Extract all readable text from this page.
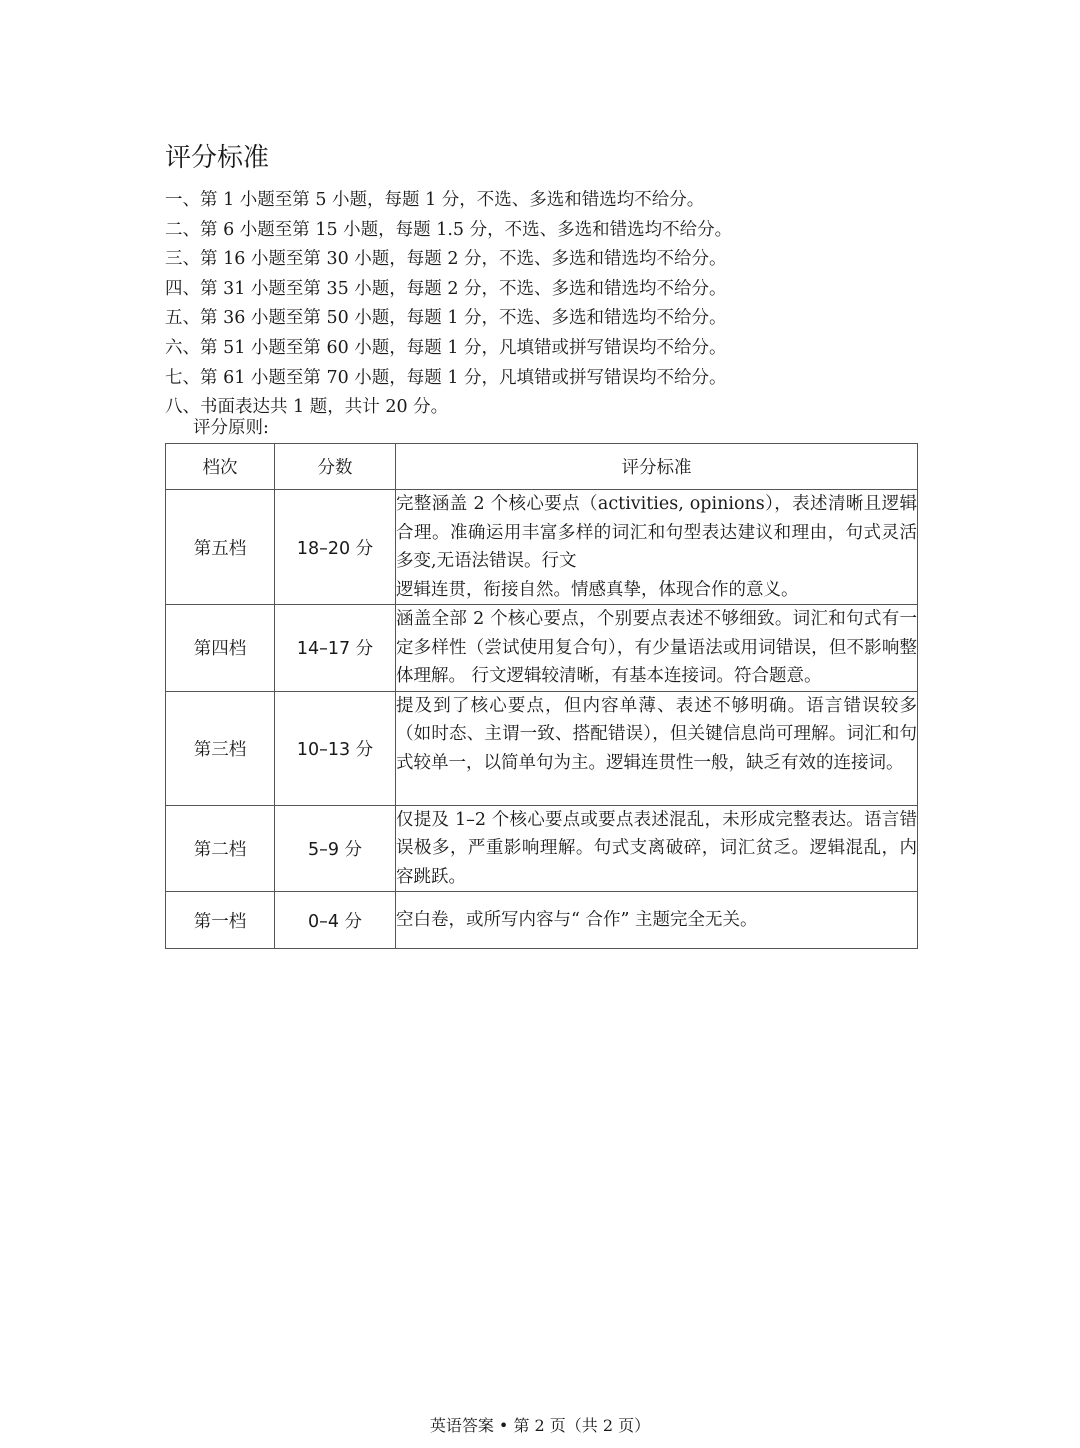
评分标准
一、第 1 小题至第 5 小题，每题 1 分，不选、多选和错选均不给分。
二、第 6 小题至第 15 小题，每题 1.5 分，不选、多选和错选均不给分。
三、第 16 小题至第 30 小题，每题 2 分，不选、多选和错选均不给分。
四、第 31 小题至第 35 小题，每题 2 分，不选、多选和错选均不给分。
五、第 36 小题至第 50 小题，每题 1 分，不选、多选和错选均不给分。
六、第 51 小题至第 60 小题，每题 1 分，凡填错或拼写错误均不给分。
七、第 61 小题至第 70 小题，每题 1 分，凡填错或拼写错误均不给分。
八、书面表达共 1 题，共计 20 分。
评分原则:
档次	分数	评分标准
第五档	18–20 分	完整涵盖 2 个核心要点（activities, opinions），表述清晰且逻辑合理。准确运用丰富多样的词汇和句型表达建议和理由，句式灵活多变,无语法错误。行文
逻辑连贯，衔接自然。情感真挚，体现合作的意义。

第四档	14–17 分	涵盖全部 2 个核心要点，个别要点表述不够细致。词汇和句式有一定多样性（尝试使用复合句），有少量语法或用词错误，但不影响整体理解。 行文逻辑较清晰，有基本连接词。符合题意。
第三档	10–13 分	提及到了核心要点，但内容单薄、表述不够明确。语言错误较多（如时态、主谓一致、搭配错误），但关键信息尚可理解。词汇和句式较单一，以简单句为主。逻辑连贯性一般，缺乏有效的连接词。
第二档	5–9 分	仅提及 1–2 个核心要点或要点表述混乱，未形成完整表达。语言错误极多，严重影响理解。句式支离破碎，词汇贫乏。逻辑混乱，内容跳跃。
第一档	0–4 分	空白卷，或所写内容与“ 合作” 主题完全无关。
英语答案 • 第 2 页（共 2 页）
